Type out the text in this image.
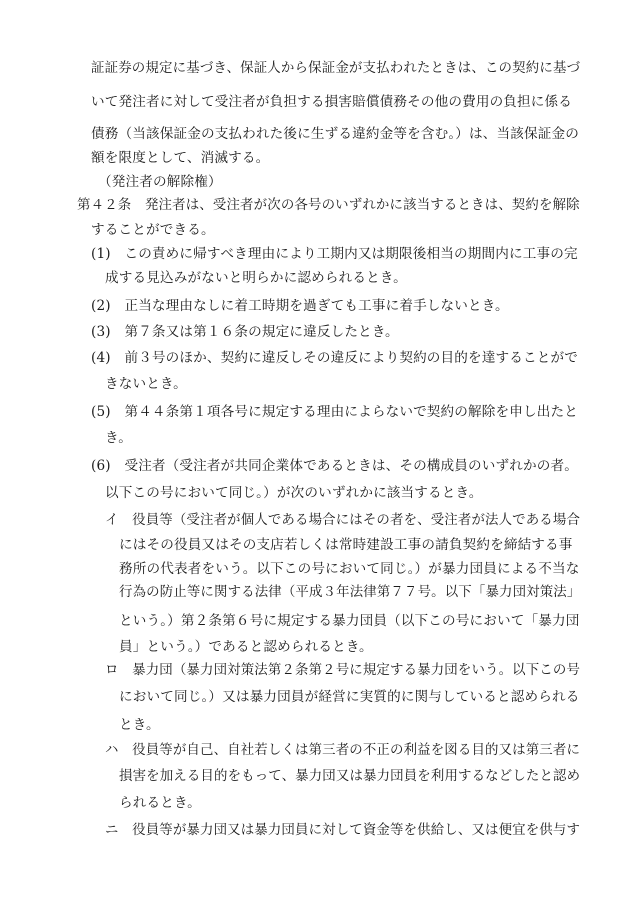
証証券の規定に基づき、保証人から保証金が支払われたときは、この契約に基づ
いて発注者に対して受注者が負担する損害賠償債務その他の費用の負担に係る
債務（当該保証金の支払われた後に生ずる違約金等を含む。）は、当該保証金の
額を限度として、消滅する。
（発注者の解除権）
第４２条　発注者は、受注者が次の各号のいずれかに該当するときは、契約を解除
することができる。
(1)　この責めに帰すべき理由により工期内又は期限後相当の期間内に工事の完
成する見込みがないと明らかに認められるとき。
(2)　正当な理由なしに着工時期を過ぎても工事に着手しないとき。
(3)　第７条又は第１６条の規定に違反したとき。
(4)　前３号のほか、契約に違反しその違反により契約の目的を達することがで
きないとき。
(5)　第４４条第１項各号に規定する理由によらないで契約の解除を申し出たと
き。
(6)　受注者（受注者が共同企業体であるときは、その構成員のいずれかの者。
以下この号において同じ。）が次のいずれかに該当するとき。
イ　役員等（受注者が個人である場合にはその者を、受注者が法人である場合
にはその役員又はその支店若しくは常時建設工事の請負契約を締結する事
務所の代表者をいう。以下この号において同じ。）が暴力団員による不当な
行為の防止等に関する法律（平成３年法律第７７号。以下「暴力団対策法」
という。）第２条第６号に規定する暴力団員（以下この号において「暴力団
員」という。）であると認められるとき。
ロ　暴力団（暴力団対策法第２条第２号に規定する暴力団をいう。以下この号
において同じ。）又は暴力団員が経営に実質的に関与していると認められる
とき。
ハ　役員等が自己、自社若しくは第三者の不正の利益を図る目的又は第三者に
損害を加える目的をもって、暴力団又は暴力団員を利用するなどしたと認め
られるとき。
ニ　役員等が暴力団又は暴力団員に対して資金等を供給し、又は便宜を供与す
